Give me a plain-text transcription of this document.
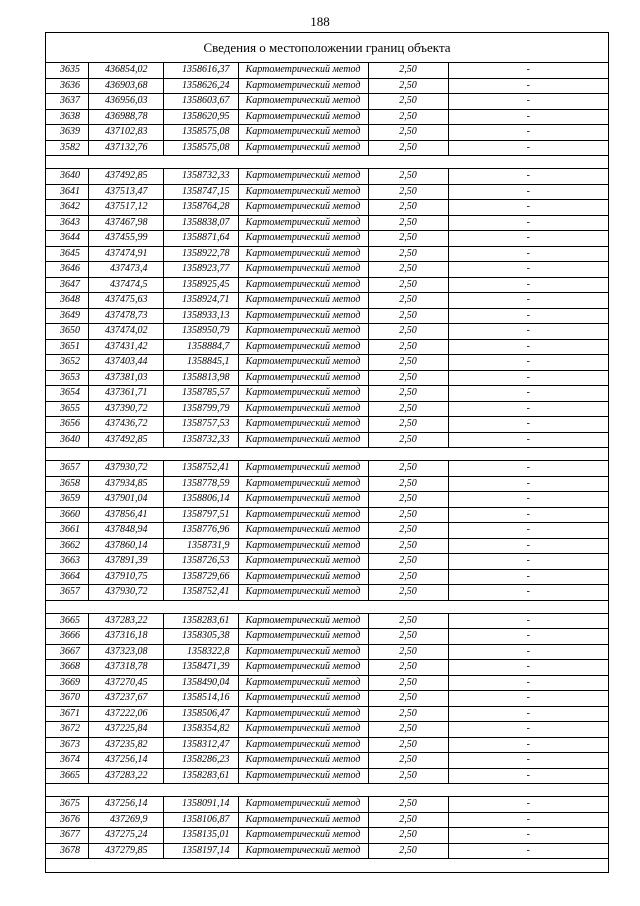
188
Сведения о местоположении границ объекта
3635	436854,02	1358616,37	Картометрический метод	2,50	-
3636	436903,68	1358626,24	Картометрический метод	2,50	-
3637	436956,03	1358603,67	Картометрический метод	2,50	-
3638	436988,78	1358620,95	Картометрический метод	2,50	-
3639	437102,83	1358575,08	Картометрический метод	2,50	-
3582	437132,76	1358575,08	Картометрический метод	2,50	-

3640	437492,85	1358732,33	Картометрический метод	2,50	-
3641	437513,47	1358747,15	Картометрический метод	2,50	-
3642	437517,12	1358764,28	Картометрический метод	2,50	-
3643	437467,98	1358838,07	Картометрический метод	2,50	-
3644	437455,99	1358871,64	Картометрический метод	2,50	-
3645	437474,91	1358922,78	Картометрический метод	2,50	-
3646	437473,4	1358923,77	Картометрический метод	2,50	-
3647	437474,5	1358925,45	Картометрический метод	2,50	-
3648	437475,63	1358924,71	Картометрический метод	2,50	-
3649	437478,73	1358933,13	Картометрический метод	2,50	-
3650	437474,02	1358950,79	Картометрический метод	2,50	-
3651	437431,42	1358884,7	Картометрический метод	2,50	-
3652	437403,44	1358845,1	Картометрический метод	2,50	-
3653	437381,03	1358813,98	Картометрический метод	2,50	-
3654	437361,71	1358785,57	Картометрический метод	2,50	-
3655	437390,72	1358799,79	Картометрический метод	2,50	-
3656	437436,72	1358757,53	Картометрический метод	2,50	-
3640	437492,85	1358732,33	Картометрический метод	2,50	-

3657	437930,72	1358752,41	Картометрический метод	2,50	-
3658	437934,85	1358778,59	Картометрический метод	2,50	-
3659	437901,04	1358806,14	Картометрический метод	2,50	-
3660	437856,41	1358797,51	Картометрический метод	2,50	-
3661	437848,94	1358776,96	Картометрический метод	2,50	-
3662	437860,14	1358731,9	Картометрический метод	2,50	-
3663	437891,39	1358726,53	Картометрический метод	2,50	-
3664	437910,75	1358729,66	Картометрический метод	2,50	-
3657	437930,72	1358752,41	Картометрический метод	2,50	-

3665	437283,22	1358283,61	Картометрический метод	2,50	-
3666	437316,18	1358305,38	Картометрический метод	2,50	-
3667	437323,08	1358322,8	Картометрический метод	2,50	-
3668	437318,78	1358471,39	Картометрический метод	2,50	-
3669	437270,45	1358490,04	Картометрический метод	2,50	-
3670	437237,67	1358514,16	Картометрический метод	2,50	-
3671	437222,06	1358506,47	Картометрический метод	2,50	-
3672	437225,84	1358354,82	Картометрический метод	2,50	-
3673	437235,82	1358312,47	Картометрический метод	2,50	-
3674	437256,14	1358286,23	Картометрический метод	2,50	-
3665	437283,22	1358283,61	Картометрический метод	2,50	-

3675	437256,14	1358091,14	Картометрический метод	2,50	-
3676	437269,9	1358106,87	Картометрический метод	2,50	-
3677	437275,24	1358135,01	Картометрический метод	2,50	-
3678	437279,85	1358197,14	Картометрический метод	2,50	-
